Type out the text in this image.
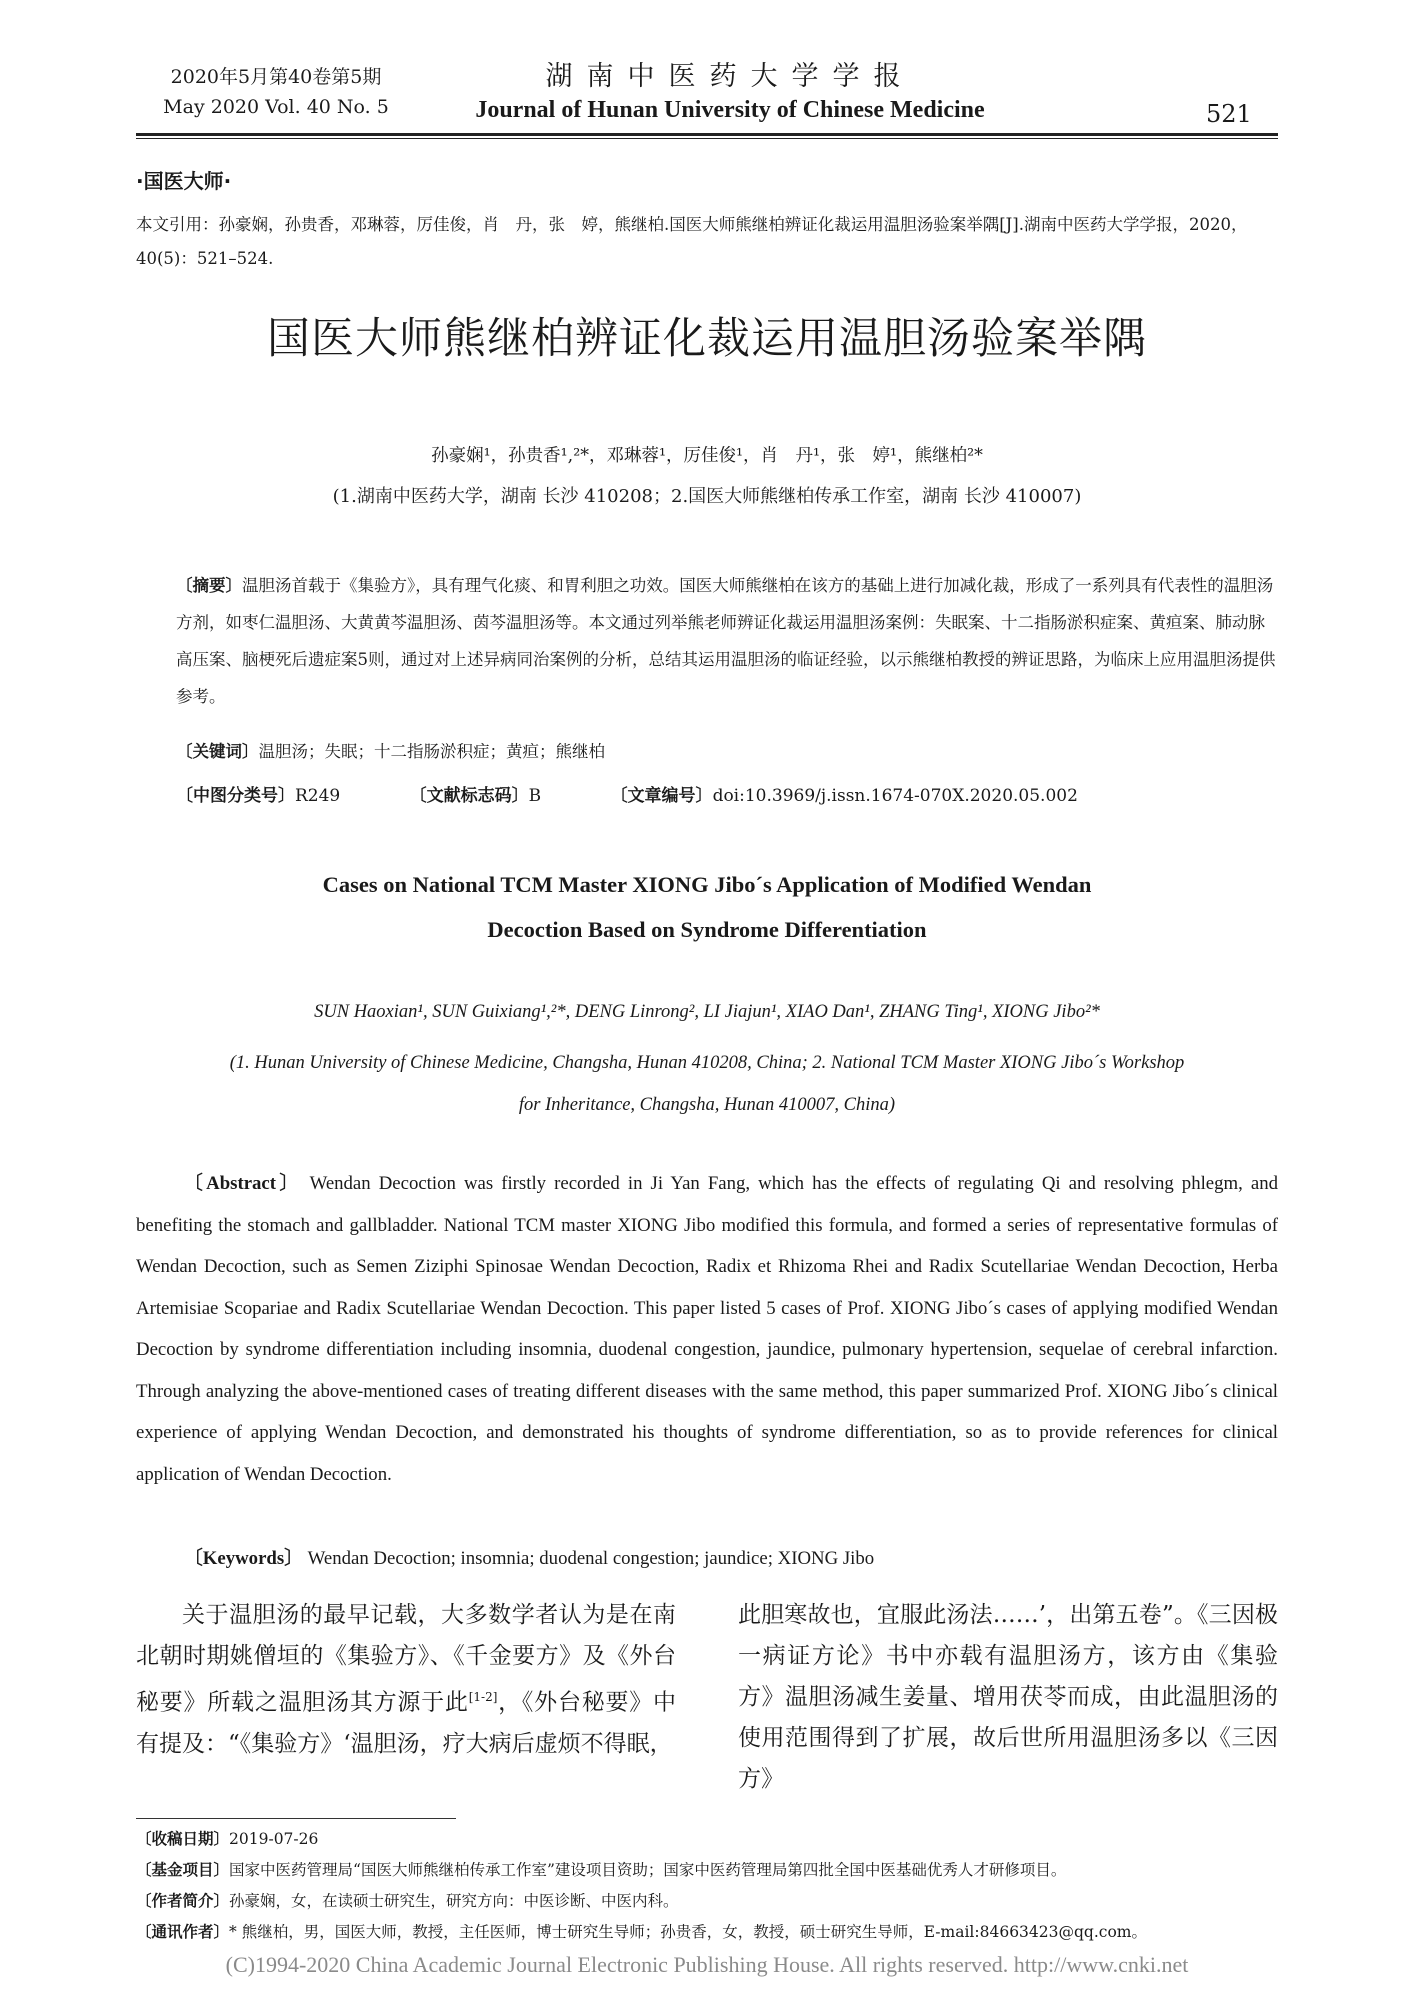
2020年5月第40卷第5期
May 2020 Vol. 40 No. 5
湖南中医药大学学报
Journal of Hunan University of Chinese Medicine	521
·国医大师·
本文引用：孙豪娴，孙贵香，邓琳蓉，厉佳俊，肖　丹，张　婷，熊继柏.国医大师熊继柏辨证化裁运用温胆汤验案举隅[J].湖南中医药大学学报，2020，40(5)：521–524.
国医大师熊继柏辨证化裁运用温胆汤验案举隅
孙豪娴¹，孙贵香¹,²*，邓琳蓉¹，厉佳俊¹，肖　丹¹，张　婷¹，熊继柏²*
(1.湖南中医药大学，湖南 长沙 410208；2.国医大师熊继柏传承工作室，湖南 长沙 410007)
〔摘要〕温胆汤首载于《集验方》，具有理气化痰、和胃利胆之功效。国医大师熊继柏在该方的基础上进行加减化裁，形成了一系列具有代表性的温胆汤方剂，如枣仁温胆汤、大黄黄芩温胆汤、茵芩温胆汤等。本文通过列举熊老师辨证化裁运用温胆汤案例：失眠案、十二指肠淤积症案、黄疸案、肺动脉高压案、脑梗死后遗症案5则，通过对上述异病同治案例的分析，总结其运用温胆汤的临证经验，以示熊继柏教授的辨证思路，为临床上应用温胆汤提供参考。
〔关键词〕温胆汤；失眠；十二指肠淤积症；黄疸；熊继柏
〔中图分类号〕R249	〔文献标志码〕B	〔文章编号〕doi:10.3969/j.issn.1674-070X.2020.05.002
Cases on National TCM Master XIONG Jibo´s Application of Modified Wendan
Decoction Based on Syndrome Differentiation
SUN Haoxian¹, SUN Guixiang¹,²*, DENG Linrong², LI Jiajun¹, XIAO Dan¹, ZHANG Ting¹, XIONG Jibo²*
(1. Hunan University of Chinese Medicine, Changsha, Hunan 410208, China; 2. National TCM Master XIONG Jibo´s Workshop
for Inheritance, Changsha, Hunan 410007, China)
〔Abstract〕 Wendan Decoction was firstly recorded in Ji Yan Fang, which has the effects of regulating Qi and resolving phlegm, and benefiting the stomach and gallbladder. National TCM master XIONG Jibo modified this formula, and formed a series of representative formulas of Wendan Decoction, such as Semen Ziziphi Spinosae Wendan Decoction, Radix et Rhizoma Rhei and Radix Scutellariae Wendan Decoction, Herba Artemisiae Scopariae and Radix Scutellariae Wendan Decoction. This paper listed 5 cases of Prof. XIONG Jibo´s cases of applying modified Wendan Decoction by syndrome differentiation including insomnia, duodenal congestion, jaundice, pulmonary hypertension, sequelae of cerebral infarction. Through analyzing the above-mentioned cases of treating different diseases with the same method, this paper summarized Prof. XIONG Jibo´s clinical experience of applying Wendan Decoction, and demonstrated his thoughts of syndrome differentiation, so as to provide references for clinical application of Wendan Decoction.
〔Keywords〕 Wendan Decoction; insomnia; duodenal congestion; jaundice; XIONG Jibo

关于温胆汤的最早记载，大多数学者认为是在南北朝时期姚僧垣的《集验方》、《千金要方》及《外台秘要》所载之温胆汤其方源于此[1-2]，《外台秘要》中有提及：“《集验方》‘温胆汤，疗大病后虚烦不得眠，

此胆寒故也，宜服此汤法……’，出第五卷”。《三因极一病证方论》书中亦载有温胆汤方，该方由《集验方》温胆汤减生姜量、增用茯苓而成，由此温胆汤的使用范围得到了扩展，故后世所用温胆汤多以《三因方》

〔收稿日期〕2019-07-26
〔基金项目〕国家中医药管理局“国医大师熊继柏传承工作室”建设项目资助；国家中医药管理局第四批全国中医基础优秀人才研修项目。
〔作者简介〕孙豪娴，女，在读硕士研究生，研究方向：中医诊断、中医内科。
〔通讯作者〕* 熊继柏，男，国医大师，教授，主任医师，博士研究生导师；孙贵香，女，教授，硕士研究生导师，E-mail:84663423@qq.com。
(C)1994-2020 China Academic Journal Electronic Publishing House. All rights reserved. http://www.cnki.net
